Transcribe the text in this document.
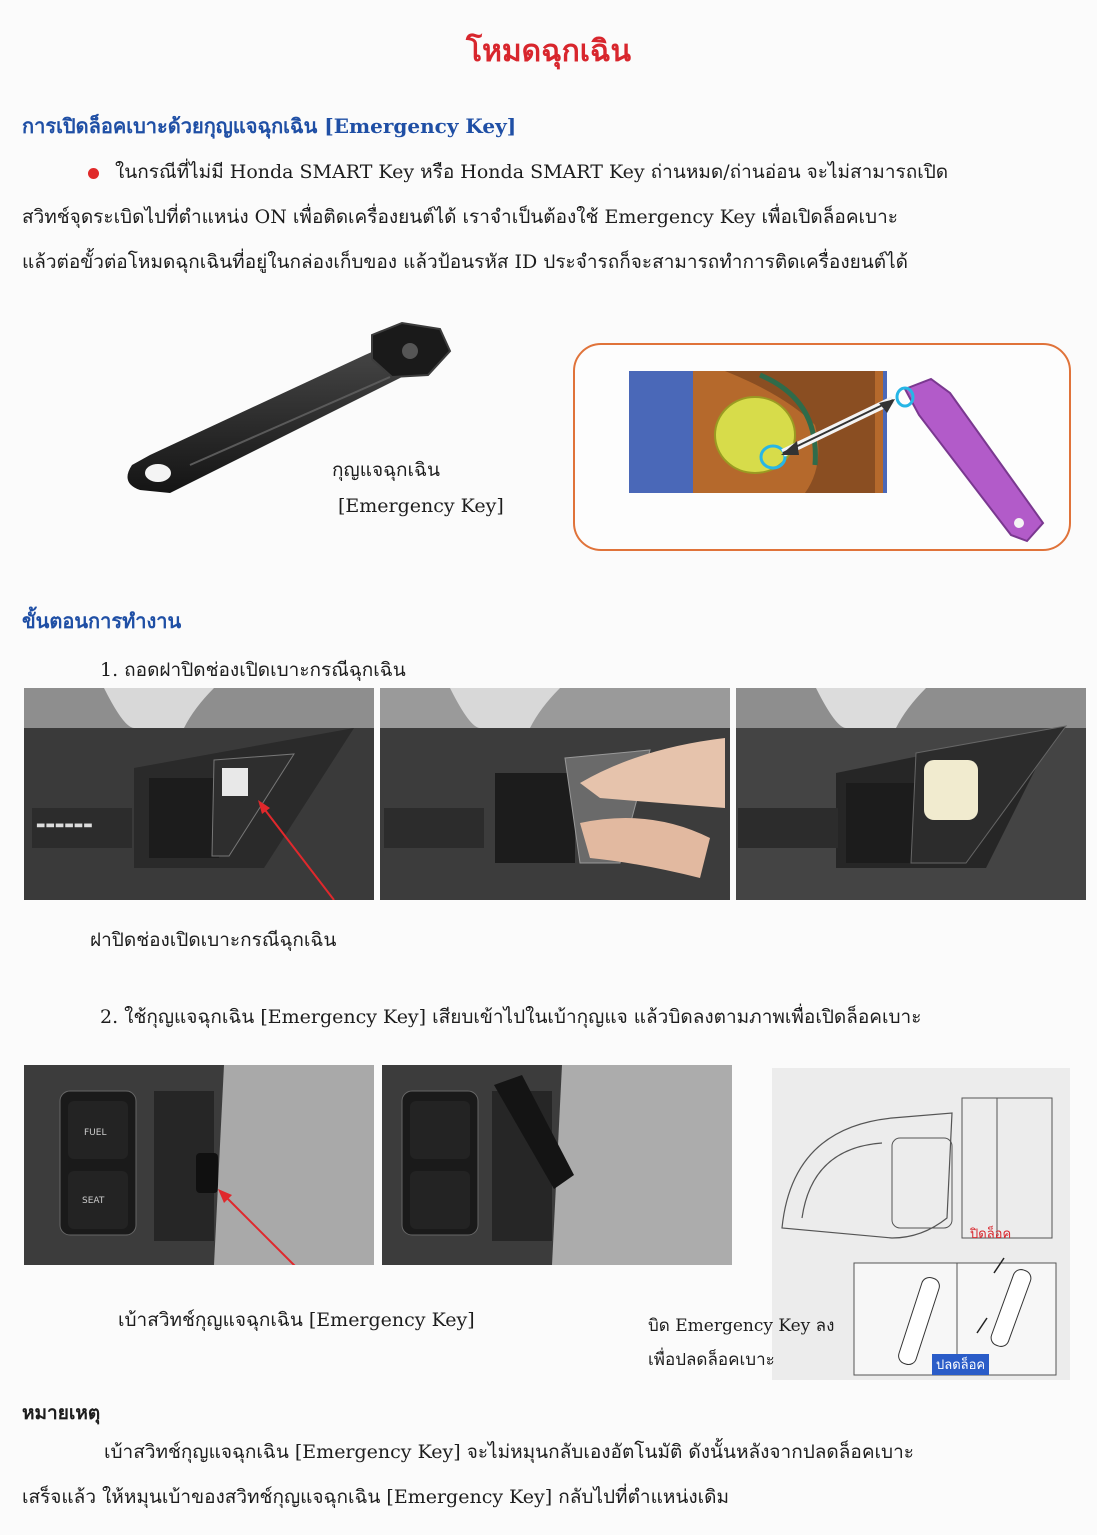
โหมดฉุกเฉิน
การเปิดล็อคเบาะด้วยกุญแจฉุกเฉิน [Emergency Key]
ในกรณีที่ไม่มี Honda SMART Key หรือ Honda SMART Key ถ่านหมด/ถ่านอ่อน จะไม่สามารถเปิด
สวิทช์จุดระเบิดไปที่ตำแหน่ง ON เพื่อติดเครื่องยนต์ได้ เราจำเป็นต้องใช้ Emergency Key เพื่อเปิดล็อคเบาะ
แล้วต่อขั้วต่อโหมดฉุกเฉินที่อยู่ในกล่องเก็บของ แล้วป้อนรหัส ID ประจำรถก็จะสามารถทำการติดเครื่องยนต์ได้
กุญแจฉุกเฉิน
[Emergency Key]
ขั้นตอนการทำงาน
1. ถอดฝาปิดช่องเปิดเบาะกรณีฉุกเฉิน
▬▬▬▬▬▬
ฝาปิดช่องเปิดเบาะกรณีฉุกเฉิน
2. ใช้กุญแจฉุกเฉิน [Emergency Key] เสียบเข้าไปในเบ้ากุญแจ แล้วบิดลงตามภาพเพื่อเปิดล็อคเบาะ
FUEL
SEAT
ปิดล็อค
ปลดล็อค
เบ้าสวิทช์กุญแจฉุกเฉิน [Emergency Key]	บิด Emergency Key ลง
เพื่อปลดล็อคเบาะ
หมายเหตุ
เบ้าสวิทช์กุญแจฉุกเฉิน [Emergency Key] จะไม่หมุนกลับเองอัตโนมัติ ดังนั้นหลังจากปลดล็อคเบาะ
เสร็จแล้ว ให้หมุนเบ้าของสวิทช์กุญแจฉุกเฉิน [Emergency Key] กลับไปที่ตำแหน่งเดิม
